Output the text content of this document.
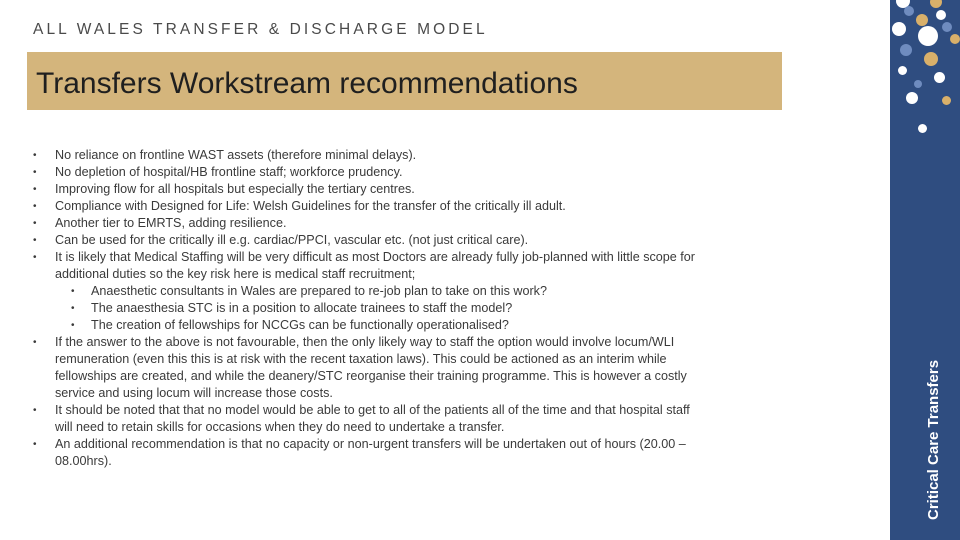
ALL WALES TRANSFER & DISCHARGE MODEL
Transfers Workstream recommendations
• No reliance on frontline WAST assets (therefore minimal delays).
• No depletion of hospital/HB frontline staff; workforce prudency.
• Improving flow for all hospitals but especially the tertiary centres.
• Compliance with Designed for Life: Welsh Guidelines for the transfer of the critically ill adult.
• Another tier to EMRTS, adding resilience.
• Can be used for the critically ill e.g. cardiac/PPCI, vascular etc. (not just critical care).
• It is likely that Medical Staffing will be very difficult as most Doctors are already fully job-planned with little scope for
additional duties so the key risk here is medical staff recruitment;
• Anaesthetic consultants in Wales are prepared to re-job plan to take on this work?
• The anaesthesia STC is in a position to allocate trainees to staff the model?
• The creation of fellowships for NCCGs can be functionally operationalised?
• If the answer to the above is not favourable, then the only likely way to staff the option would involve locum/WLI
remuneration (even this this is at risk with the recent taxation laws). This could be actioned as an interim while
fellowships are created, and while the deanery/STC reorganise their training programme. This is however a costly
service and using locum will increase those costs.
• It should be noted that that no model would be able to get to all of the patients all of the time and that hospital staff
will need to retain skills for occasions when they do need to undertake a transfer.
• An additional recommendation is that no capacity or non-urgent transfers will be undertaken out of hours (20.00 –
08.00hrs).	Critical Care Transfers
